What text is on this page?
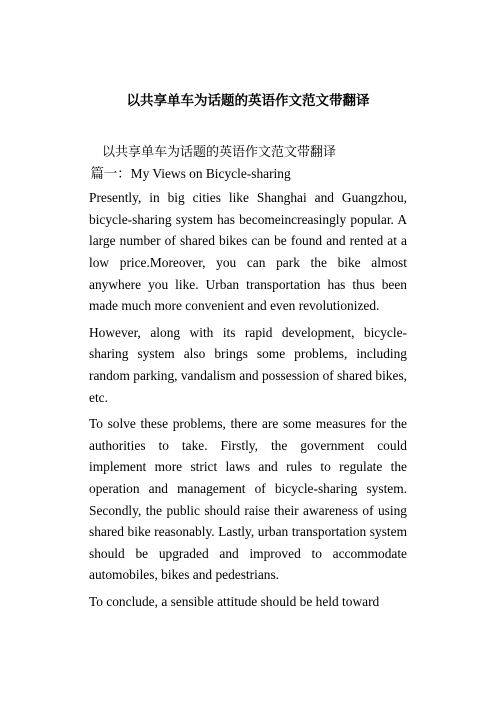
以共享单车为话题的英语作文范文带翻译

以共享单车为话题的英语作文范文带翻译

篇一：My Views on Bicycle-sharing

Presently, in big cities like Shanghai and Guangzhou, bicycle-sharing system has becomeincreasingly popular. A large number of shared bikes can be found and rented at a low price.Moreover, you can park the bike almost anywhere you like. Urban transportation has thus been made much more convenient and even revolutionized.

However, along with its rapid development, bicycle-sharing system also brings some problems, including random parking, vandalism and possession of shared bikes, etc.

To solve these problems, there are some measures for the authorities to take. Firstly, the government could implement more strict laws and rules to regulate the operation and management of bicycle-sharing system. Secondly, the public should raise their awareness of using shared bike reasonably. Lastly, urban transportation system should be upgraded and improved to accommodate automobiles, bikes and pedestrians.

To conclude, a sensible attitude should be held toward
